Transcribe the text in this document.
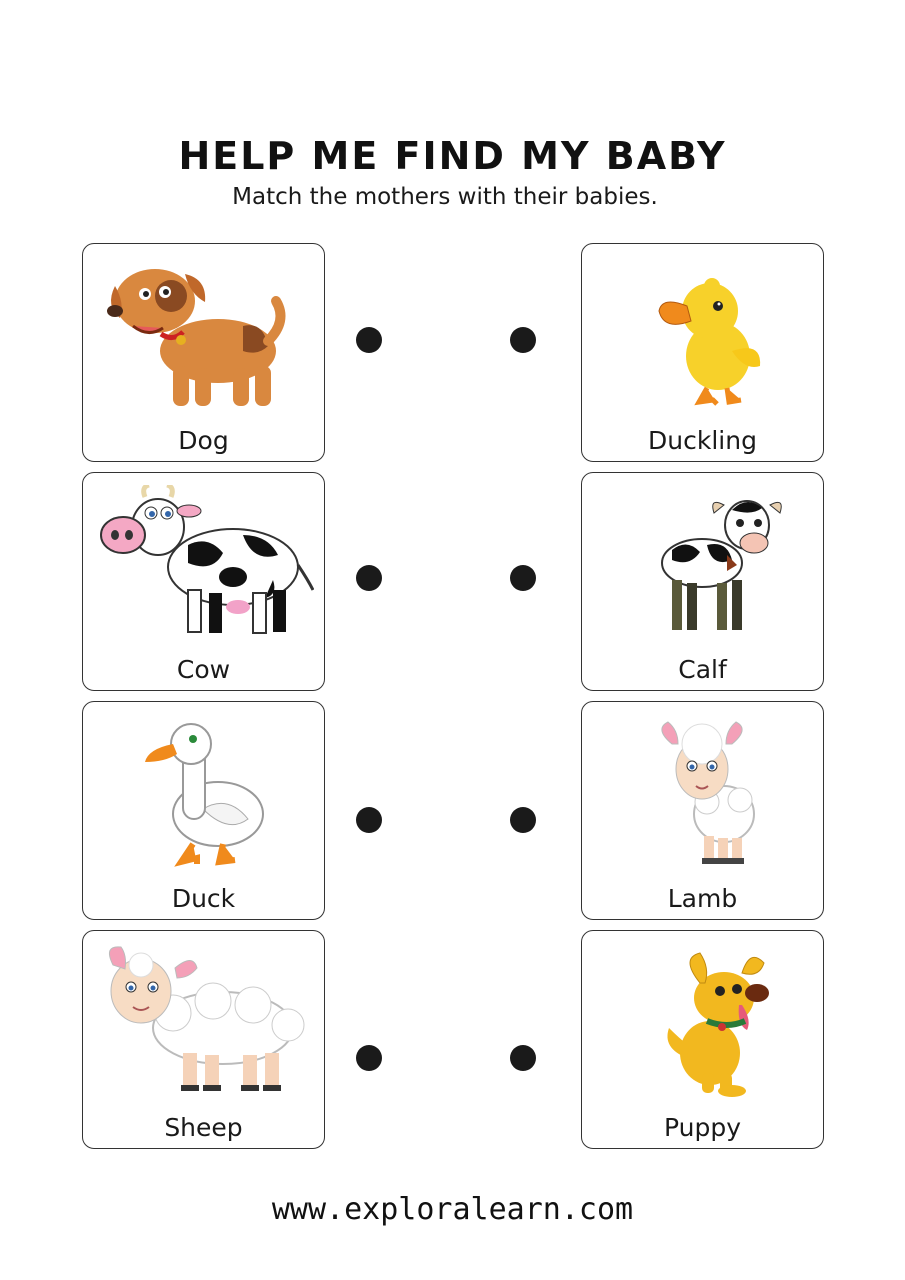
HELP ME FIND MY BABY
Match the mothers with their babies.
Dog
Cow
Duck
Sheep
Duckling
Calf
Lamb
Puppy
www.exploralearn.com
